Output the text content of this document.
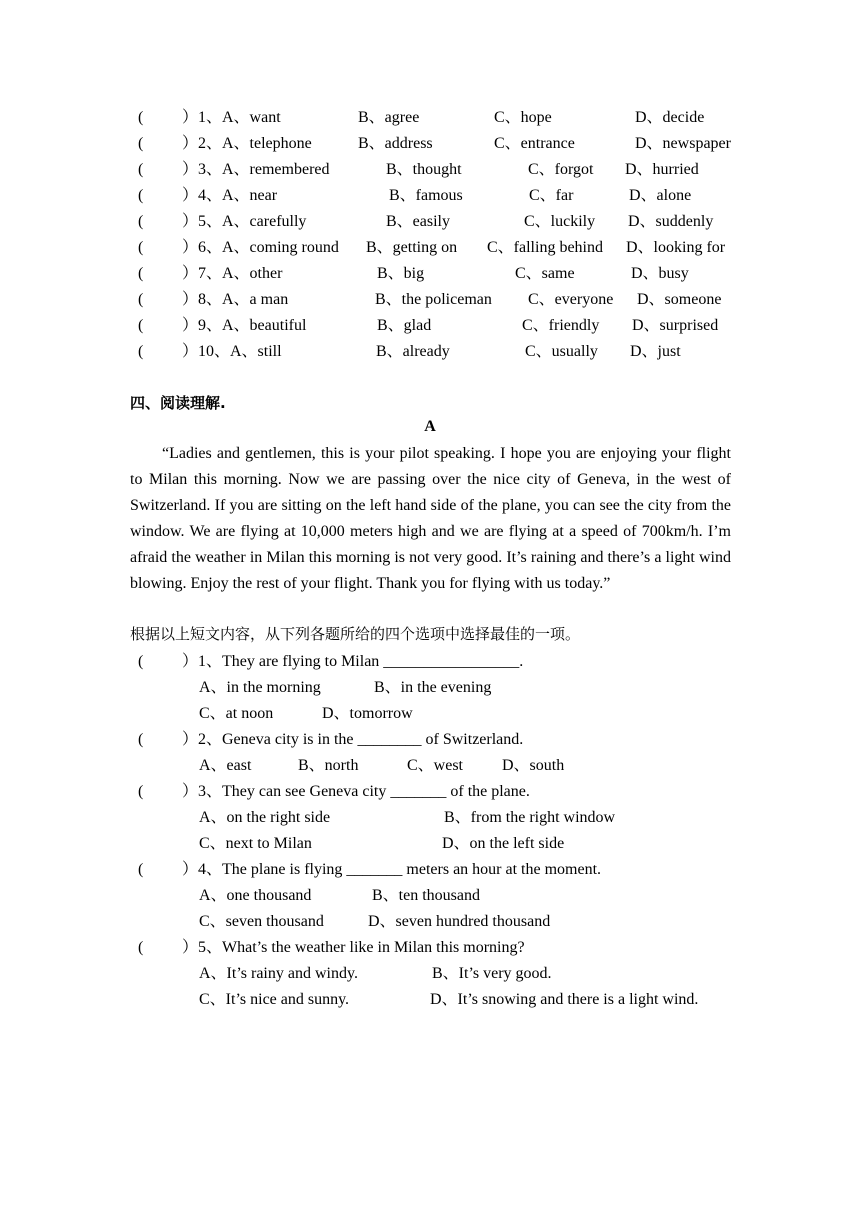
( ）1、A、want	B、agree	C、hope	D、decide
( ）2、A、telephone	B、address	C、entrance	D、newspaper
( ）3、A、remembered	B、thought	C、forgot D、hurried
( ）4、A、near	B、famous	C、far	D、alone
( ）5、A、carefully	B、easily	C、luckily D、suddenly
( ）6、A、coming round B、getting on C、falling behind D、looking for
( ）7、A、other	B、big	C、same	D、busy
( ）8、A、a man	B、the policeman C、everyone D、someone
( ）9、A、beautiful	B、glad	C、friendly D、surprised
( ）10、A、still	B、already	C、usually D、just
四、阅读理解.
A

“Ladies and gentlemen, this is your pilot speaking. I hope you are enjoying your flight to Milan this morning. Now we are passing over the nice city of Geneva, in the west of Switzerland. If you are sitting on the left hand side of the plane, you can see the city from the window. We are flying at 10,000 meters high and we are flying at a speed of 700km/h. I’m afraid the weather in Milan this morning is not very good. It’s raining and there’s a light wind blowing. Enjoy the rest of your flight. Thank you for flying with us today.”

根据以上短文内容，从下列各题所给的四个选项中选择最佳的一项。
( ）1、They are flying to Milan _________________.
A、in the morning	B、in the evening
C、at noon	D、tomorrow
( ）2、Geneva city is in the ________ of Switzerland.
A、east	B、north	C、west D、south
( ）3、They can see Geneva city _______ of the plane.
A、on the right side	B、from the right window
C、next to Milan	D、on the left side
( ）4、The plane is flying _______ meters an hour at the moment.
A、one thousand	B、ten thousand
C、seven thousand	D、seven hundred thousand
( ）5、What’s the weather like in Milan this morning?
A、It’s rainy and windy.	B、It’s very good.
C、It’s nice and sunny.	D、It’s snowing and there is a light wind.
